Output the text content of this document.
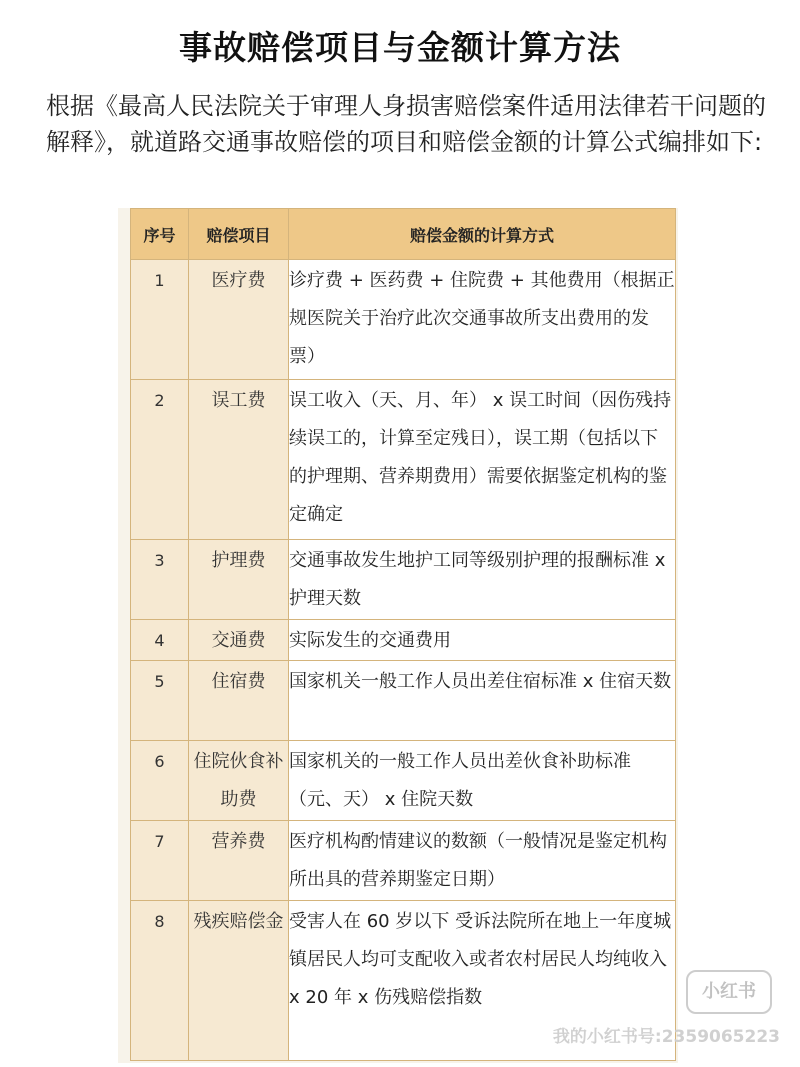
事故赔偿项目与金额计算方法

根据《最高人民法院关于审理人身损害赔偿案件适用法律若干问题的解释》，就道路交通事故赔偿的项目和赔偿金额的计算公式编排如下:

序号	赔偿项目	赔偿金额的计算方式

1	医疗费	诊疗费 + 医药费 + 住院费 + 其他费用（根据正规医院关于治疗此次交通事故所支出费用的发票）

2	误工费	误工收入（天、月、年） x 误工时间（因伤残持续误工的，计算至定残日），误工期（包括以下的护理期、营养期费用）需要依据鉴定机构的鉴定确定

3	护理费	交通事故发生地护工同等级别护理的报酬标准 x 护理天数

4	交通费	实际发生的交通费用

5	住宿费	国家机关一般工作人员出差住宿标准 x 住宿天数

6	住院伙食补助费	国家机关的一般工作人员出差伙食补助标准（元、天） x 住院天数

7	营养费	医疗机构酌情建议的数额（一般情况是鉴定机构所出具的营养期鉴定日期）

8	残疾赔偿金	受害人在 60 岁以下 受诉法院所在地上一年度城镇居民人均可支配收入或者农村居民人均纯收入 x 20 年 x 伤残赔偿指数	小红书
我的小红书号:2359065223
